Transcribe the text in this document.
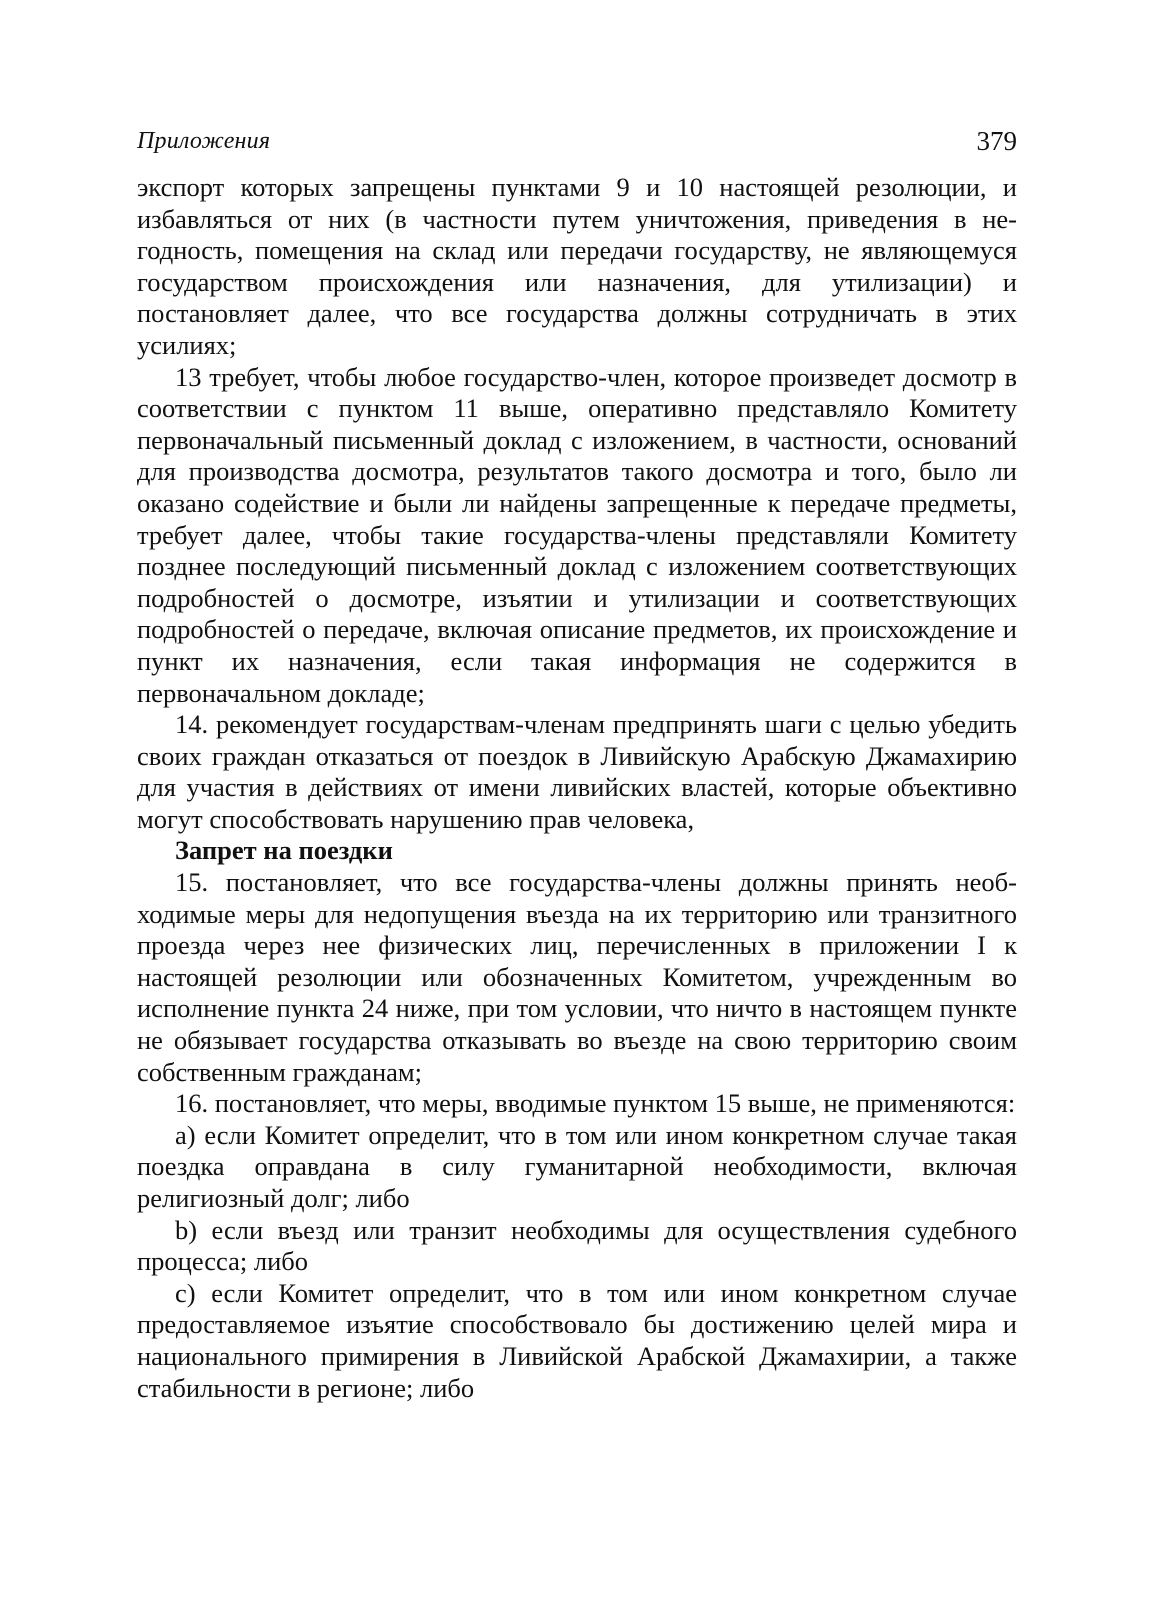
Приложения	379

экспорт которых запрещены пунктами 9 и 10 настоящей резолюции, и избавляться от них (в частности путем уничтожения, приведения в негодность, помещения на склад или передачи государству, не являющемуся государством происхождения или назначения, для утилизации) и постановляет далее, что все государства должны сотрудничать в этих усилиях;

13 требует, чтобы любое государство-член, которое произведет досмотр в соответствии с пунктом 11 выше, оперативно представляло Комитету первоначальный письменный доклад с изложением, в частности, оснований для производства досмотра, результатов такого досмотра и того, было ли оказано содействие и были ли найдены запрещенные к передаче предметы, требует далее, чтобы такие государства-члены представляли Комитету позднее последующий письменный доклад с изложением соответствующих подробностей о досмотре, изъятии и утилизации и соответствующих подробностей о передаче, включая описание предметов, их происхождение и пункт их назначения, если такая информация не содержится в первоначальном докладе;

14. рекомендует государствам-членам предпринять шаги с целью убедить своих граждан отказаться от поездок в Ливийскую Арабскую Джамахирию для участия в действиях от имени ливийских властей, которые объективно могут способствовать нарушению прав человека,

Запрет на поездки

15. постановляет, что все государства-члены должны принять необходимые меры для недопущения въезда на их территорию или транзитного проезда через нее физических лиц, перечисленных в приложении I к настоящей резолюции или обозначенных Комитетом, учрежденным во исполнение пункта 24 ниже, при том условии, что ничто в настоящем пункте не обязывает государства отказывать во въезде на свою территорию своим собственным гражданам;

16. постановляет, что меры, вводимые пунктом 15 выше, не применяются:

a) если Комитет определит, что в том или ином конкретном случае такая поездка оправдана в силу гуманитарной необходимости, включая религиозный долг; либо

b) если въезд или транзит необходимы для осуществления судебного процесса; либо

c) если Комитет определит, что в том или ином конкретном случае предоставляемое изъятие способствовало бы достижению целей мира и национального примирения в Ливийской Арабской Джамахирии, а также стабильности в регионе; либо
